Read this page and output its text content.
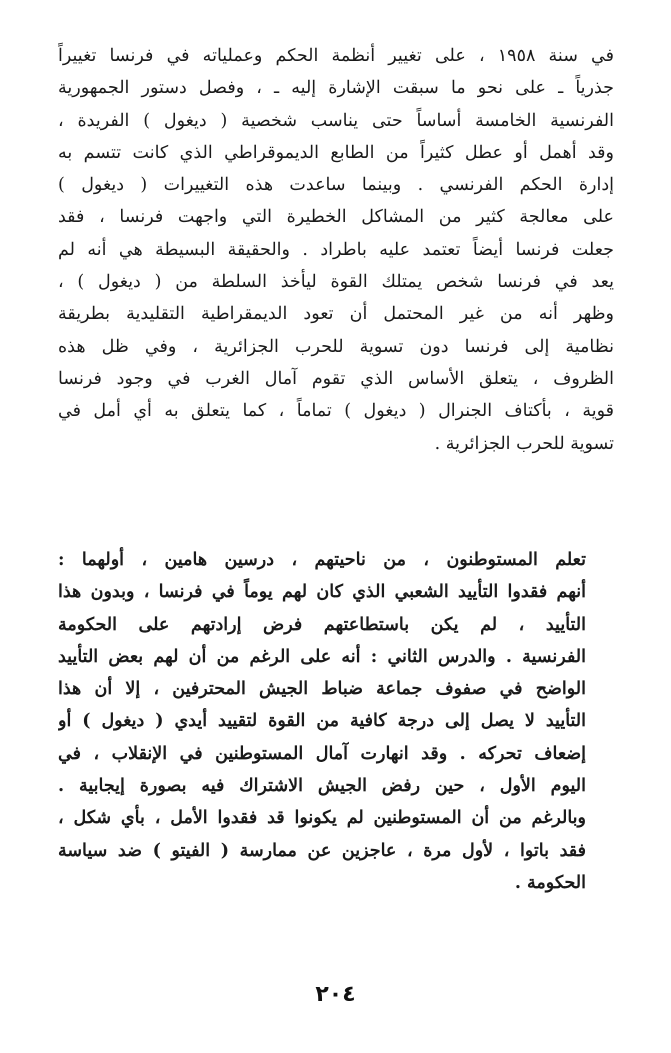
في سنة ١٩٥٨ ، على تغيير أنظمة الحكم وعملياته في فرنسا تغييراً
جذرياً ـ على نحو ما سبقت الإشارة إليه ـ ، وفصل دستور الجمهورية
الفرنسية الخامسة أساساً حتى يناسب شخصية ( ديغول ) الفريدة ،
وقد أهمل أو عطل كثيراً من الطابع الديموقراطي الذي كانت تتسم به
إدارة الحكم الفرنسي . وبينما ساعدت هذه التغييرات ( ديغول )
على معالجة كثير من المشاكل الخطيرة التي واجهت فرنسا ، فقد
جعلت فرنسا أيضاً تعتمد عليه باطراد . والحقيقة البسيطة هي أنه لم
يعد في فرنسا شخص يمتلك القوة ليأخذ السلطة من ( ديغول ) ،
وظهر أنه من غير المحتمل أن تعود الديمقراطية التقليدية بطريقة
نظامية إلى فرنسا دون تسوية للحرب الجزائرية ، وفي ظل هذه
الظروف ، يتعلق الأساس الذي تقوم آمال الغرب في وجود فرنسا
قوية ، بأكتاف الجنرال ( ديغول ) تماماً ، كما يتعلق به أي أمل في
تسوية للحرب الجزائرية .
تعلم المستوطنون ، من ناحيتهم ، درسين هامين ، أولهما :
أنهم فقدوا التأييد الشعبي الذي كان لهم يوماً في فرنسا ، وبدون هذا
التأييد ، لم يكن باستطاعتهم فرض إرادتهم على الحكومة
الفرنسية . والدرس الثاني : أنه على الرغم من أن لهم بعض التأييد
الواضح في صفوف جماعة ضباط الجيش المحترفين ، إلا أن هذا
التأييد لا يصل إلى درجة كافية من القوة لتقييد أيدي ( ديغول ) أو
إضعاف تحركه . وقد انهارت آمال المستوطنين في الإنقلاب ، في
اليوم الأول ، حين رفض الجيش الاشتراك فيه بصورة إيجابية .
وبالرغم من أن المستوطنين لم يكونوا قد فقدوا الأمل ، بأي شكل ،
فقد باتوا ، لأول مرة ، عاجزين عن ممارسة ( الفيتو ) ضد سياسة
الحكومة .
٢٠٤
